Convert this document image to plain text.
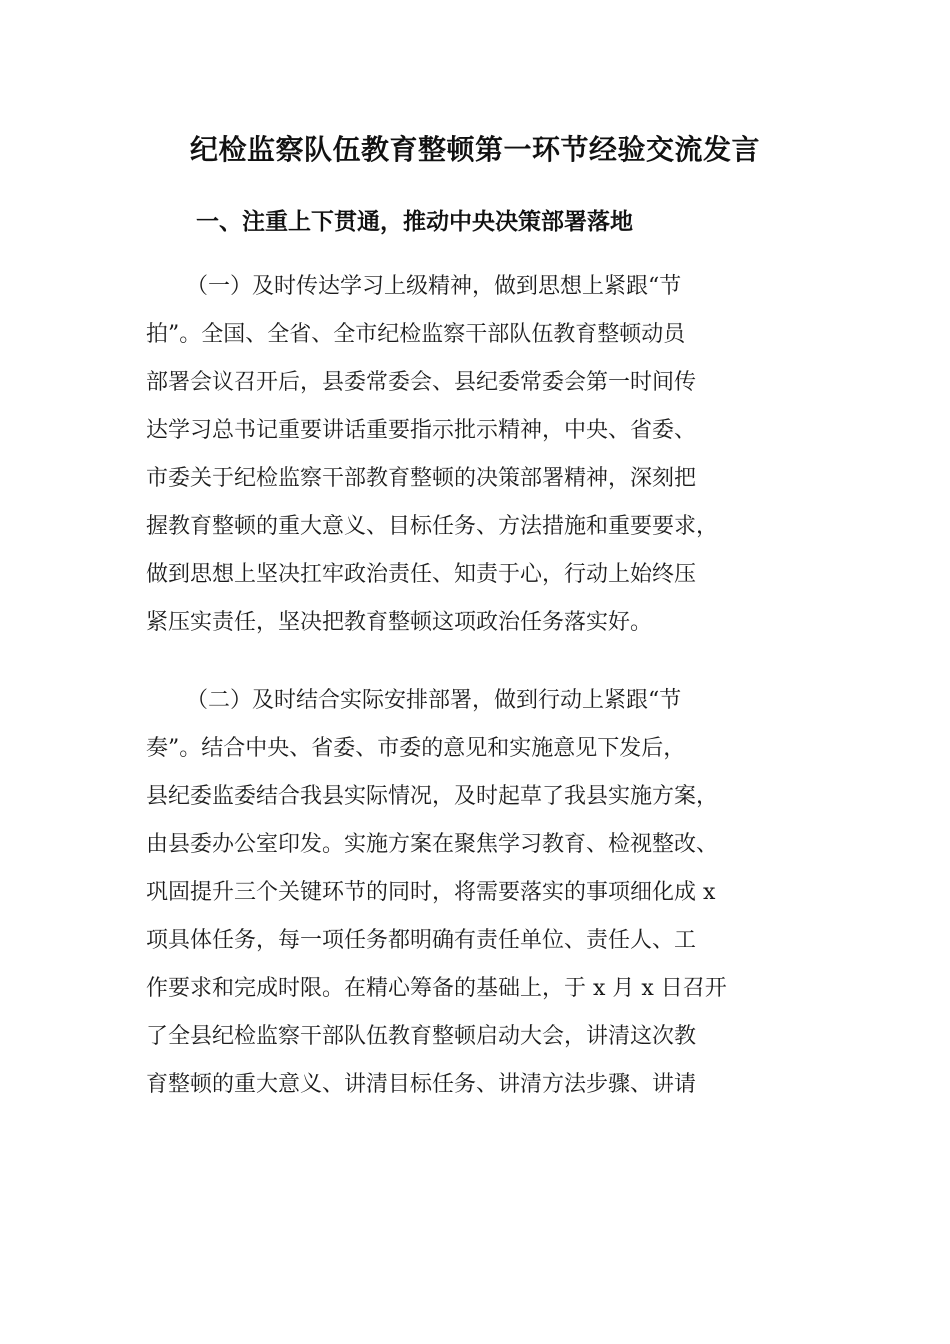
纪检监察队伍教育整顿第一环节经验交流发言
一、注重上下贯通，推动中央决策部署落地
（一）及时传达学习上级精神，做到思想上紧跟“节
拍”。全国、全省、全市纪检监察干部队伍教育整顿动员
部署会议召开后，县委常委会、县纪委常委会第一时间传
达学习总书记重要讲话重要指示批示精神，中央、省委、
市委关于纪检监察干部教育整顿的决策部署精神，深刻把
握教育整顿的重大意义、目标任务、方法措施和重要要求，
做到思想上坚决扛牢政治责任、知责于心，行动上始终压
紧压实责任，坚决把教育整顿这项政治任务落实好。
（二）及时结合实际安排部署，做到行动上紧跟“节
奏”。结合中央、省委、市委的意见和实施意见下发后，
县纪委监委结合我县实际情况，及时起草了我县实施方案，
由县委办公室印发。实施方案在聚焦学习教育、检视整改、
巩固提升三个关键环节的同时，将需要落实的事项细化成 x
项具体任务，每一项任务都明确有责任单位、责任人、工
作要求和完成时限。在精心筹备的基础上，于 x 月 x 日召开
了全县纪检监察干部队伍教育整顿启动大会，讲清这次教
育整顿的重大意义、讲清目标任务、讲清方法步骤、讲请
